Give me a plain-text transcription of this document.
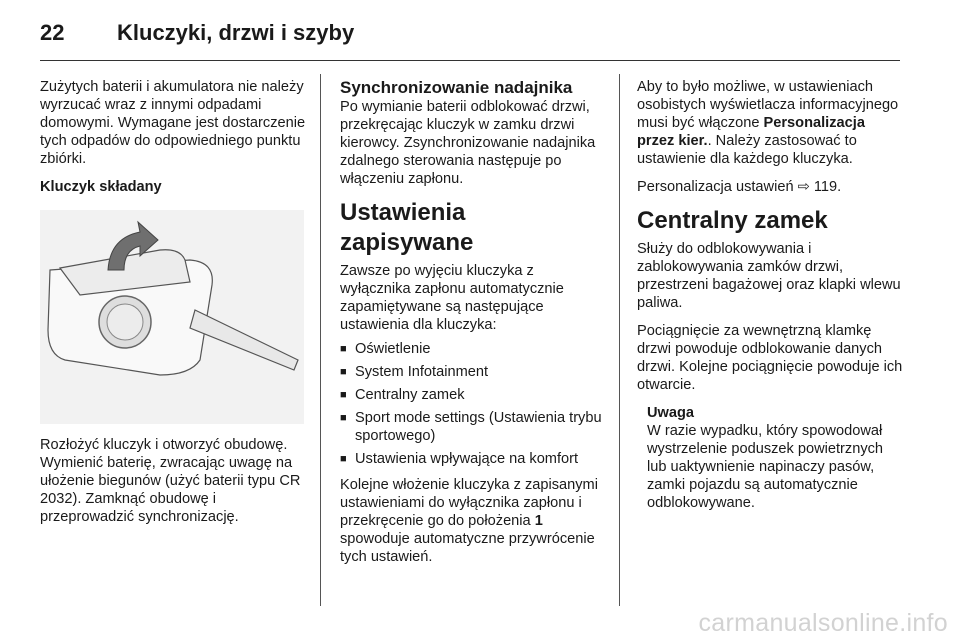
22 Kluczyki, drzwi i szyby

Zużytych baterii i akumulatora nie należy wyrzucać wraz z innymi odpadami domowymi. Wymagane jest dostarczenie tych odpadów do odpowiedniego punktu zbiórki.

Kluczyk składany

Rozłożyć kluczyk i otworzyć obudowę. Wymienić baterię, zwracając uwagę na ułożenie biegunów (użyć baterii typu CR 2032). Zamknąć obudowę i przeprowadzić synchronizację.

Synchronizowanie nadajnika

Po wymianie baterii odblokować drzwi, przekręcając kluczyk w zamku drzwi kierowcy. Zsynchronizowanie nadajnika zdalnego sterowania następuje po włączeniu zapłonu.

Ustawienia zapisywane

Zawsze po wyjęciu kluczyka z wyłącznika zapłonu automatycznie zapamiętywane są następujące ustawienia dla kluczyka:

■ Oświetlenie
■ System Infotainment
■ Centralny zamek
■ Sport mode settings (Ustawienia trybu sportowego)
■ Ustawienia wpływające na komfort

Kolejne włożenie kluczyka z zapisanymi ustawieniami do wyłącznika zapłonu i przekręcenie go do położenia 1 spowoduje automatyczne przywrócenie tych ustawień.

Aby to było możliwe, w ustawieniach osobistych wyświetlacza informacyjnego musi być włączone Personalizacja przez kier.. Należy zastosować to ustawienie dla każdego kluczyka.

Personalizacja ustawień ⇨ 119.

Centralny zamek

Służy do odblokowywania i zablokowywania zamków drzwi, przestrzeni bagażowej oraz klapki wlewu paliwa.

Pociągnięcie za wewnętrzną klamkę drzwi powoduje odblokowanie danych drzwi. Kolejne pociągnięcie powoduje ich otwarcie.

Uwaga
W razie wypadku, który spowodował wystrzelenie poduszek powietrznych lub uaktywnienie napinaczy pasów, zamki pojazdu są automatycznie odblokowywane.
carmanualsonline.info
